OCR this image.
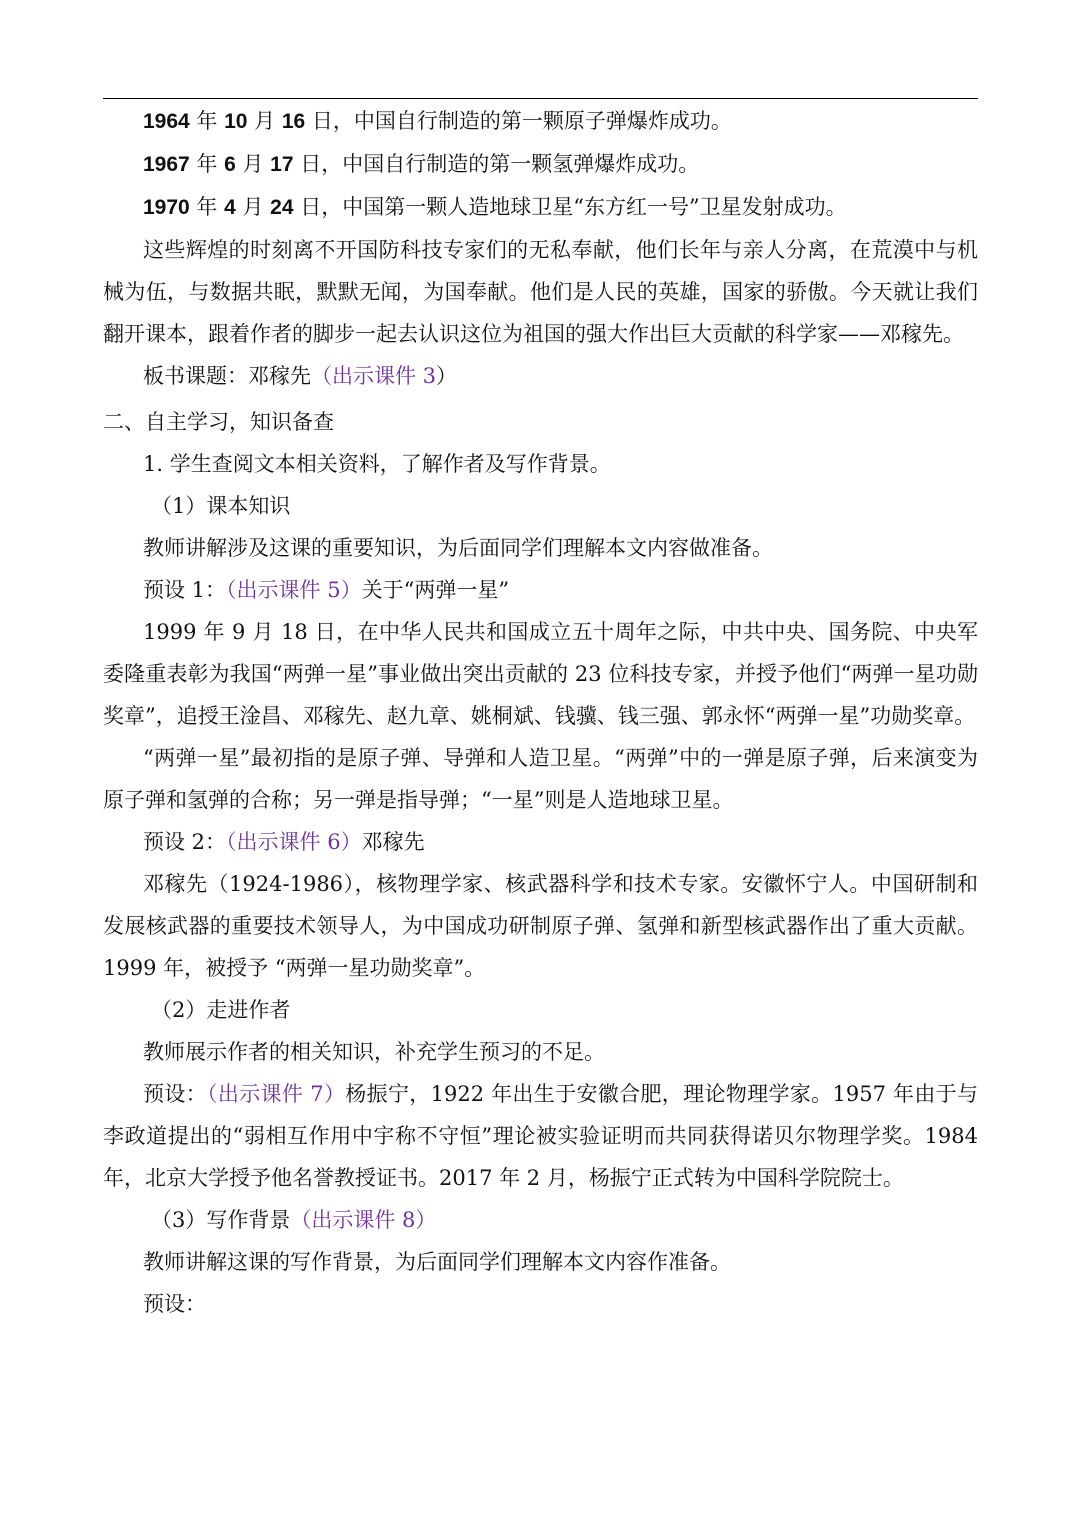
1964 年 10 月 16 日，中国自行制造的第一颗原子弹爆炸成功。

1967 年 6 月 17 日，中国自行制造的第一颗氢弹爆炸成功。

1970 年 4 月 24 日，中国第一颗人造地球卫星“东方红一号”卫星发射成功。

这些辉煌的时刻离不开国防科技专家们的无私奉献，他们长年与亲人分离，在荒漠中与机械为伍，与数据共眠，默默无闻，为国奉献。他们是人民的英雄，国家的骄傲。今天就让我们翻开课本，跟着作者的脚步一起去认识这位为祖国的强大作出巨大贡献的科学家——邓稼先。

板书课题：邓稼先（出示课件 3）

二、自主学习，知识备查

1. 学生查阅文本相关资料，了解作者及写作背景。

（1）课本知识

教师讲解涉及这课的重要知识，为后面同学们理解本文内容做准备。

预设 1：（出示课件 5）关于“两弹一星”

1999 年 9 月 18 日，在中华人民共和国成立五十周年之际，中共中央、国务院、中央军委隆重表彰为我国“两弹一星”事业做出突出贡献的 23 位科技专家，并授予他们“两弹一星功勋奖章”，追授王淦昌、邓稼先、赵九章、姚桐斌、钱骥、钱三强、郭永怀“两弹一星”功勋奖章。

“两弹一星”最初指的是原子弹、导弹和人造卫星。“两弹”中的一弹是原子弹，后来演变为原子弹和氢弹的合称；另一弹是指导弹；“一星”则是人造地球卫星。

预设 2：（出示课件 6）邓稼先

邓稼先（1924-1986），核物理学家、核武器科学和技术专家。安徽怀宁人。中国研制和发展核武器的重要技术领导人，为中国成功研制原子弹、氢弹和新型核武器作出了重大贡献。1999 年，被授予 “两弹一星功勋奖章”。

（2）走进作者

教师展示作者的相关知识，补充学生预习的不足。

预设：（出示课件 7）杨振宁，1922 年出生于安徽合肥，理论物理学家。1957 年由于与李政道提出的“弱相互作用中宇称不守恒”理论被实验证明而共同获得诺贝尔物理学奖。1984 年，北京大学授予他名誉教授证书。2017 年 2 月，杨振宁正式转为中国科学院院士。

（3）写作背景（出示课件 8）

教师讲解这课的写作背景，为后面同学们理解本文内容作准备。

预设：
